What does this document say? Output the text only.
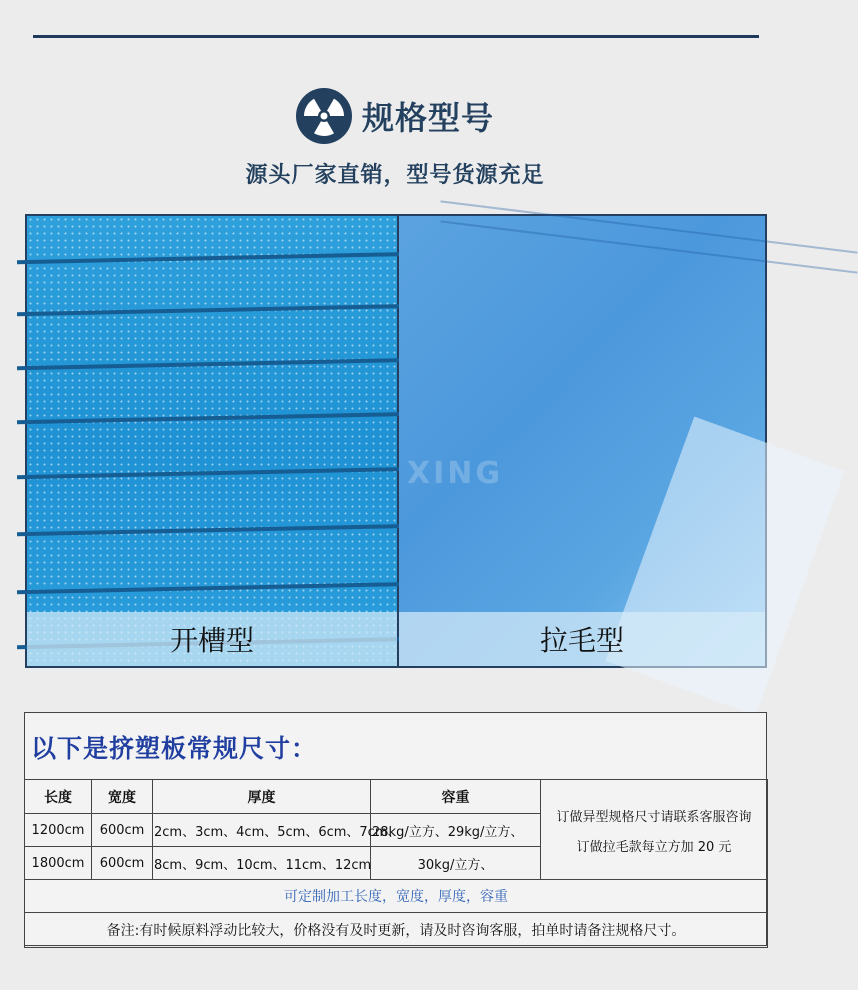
规格型号
源头厂家直销，型号货源充足
开槽型	拉毛型
XING
以下是挤塑板常规尺寸：
长度	宽度	厚度	容重	订做异型规格尺寸请联系客服咨询
订做拉毛款每立方加 20 元

1200cm	600cm	2cm、3cm、4cm、5cm、6cm、7cm、	28kg/立方、29kg/立方、	
1800cm	600cm	8cm、9cm、10cm、11cm、12cm	30kg/立方、	
可定制加工长度，宽度，厚度，容重				
备注:有时候原料浮动比较大，价格没有及时更新，请及时咨询客服，拍单时请备注规格尺寸。				
